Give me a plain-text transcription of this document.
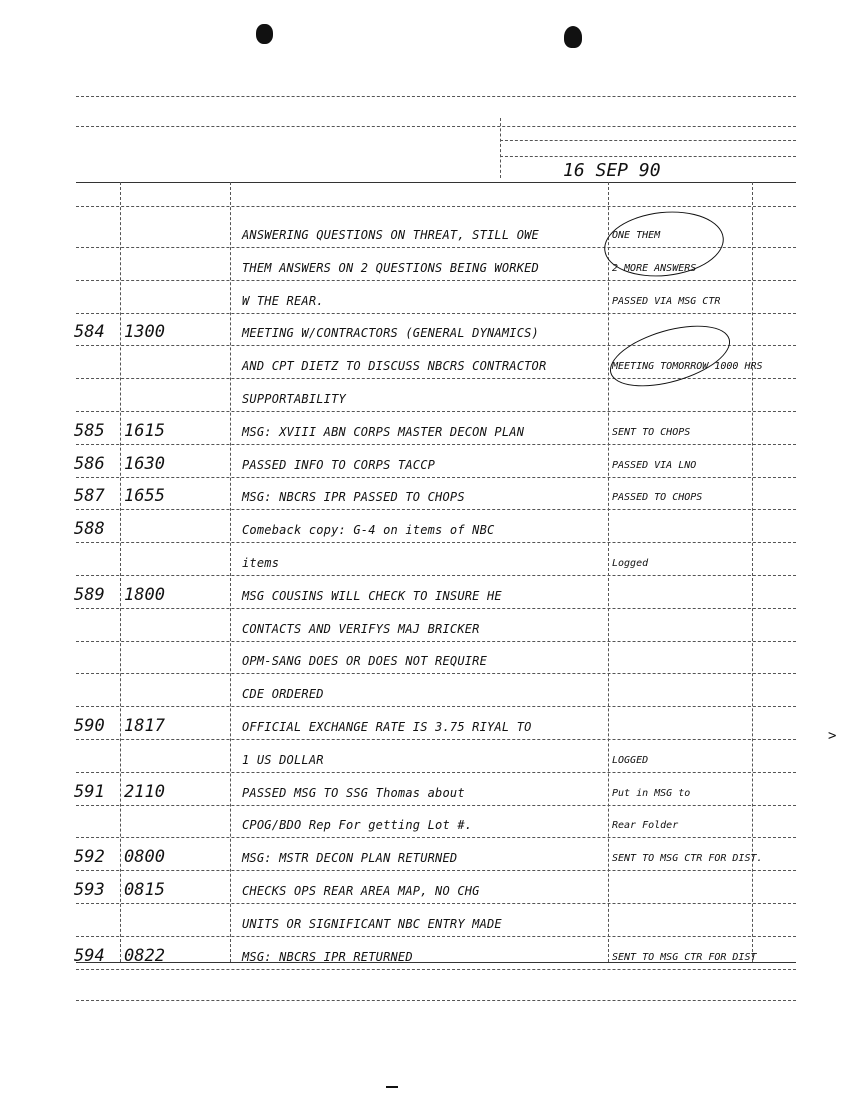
16 SEP 90
ANSWERING QUESTIONS ON THREAT, STILL OWE	ONE THEM
THEM ANSWERS ON 2 QUESTIONS BEING WORKED	2 MORE ANSWERS
W THE REAR.	PASSED VIA MSG CTR
584 1300	MEETING W/CONTRACTORS (GENERAL DYNAMICS)
AND CPT DIETZ TO DISCUSS NBCRS CONTRACTOR	MEETING TOMORROW 1000 HRS
SUPPORTABILITY
585 1615	MSG: XVIII ABN CORPS MASTER DECON PLAN	SENT TO CHOPS
586 1630	PASSED INFO TO CORPS TACCP	PASSED VIA LNO
587 1655	MSG: NBCRS IPR PASSED TO CHOPS	PASSED TO CHOPS
588	Comeback copy: G-4 on items of NBC
items	Logged
589 1800	MSG COUSINS WILL CHECK TO INSURE HE
CONTACTS AND VERIFYS MAJ BRICKER
OPM-SANG DOES OR DOES NOT REQUIRE
CDE ORDERED
590 1817	OFFICIAL EXCHANGE RATE IS 3.75 RIYAL TO
1 US DOLLAR	LOGGED
591 2110	PASSED MSG TO SSG Thomas about	Put in MSG to
CPOG/BDO Rep For getting Lot #.	Rear Folder
592 0800	MSG: MSTR DECON PLAN RETURNED	SENT TO MSG CTR FOR DIST.
593 0815	CHECKS OPS REAR AREA MAP, NO CHG
UNITS OR SIGNIFICANT NBC ENTRY MADE
594 0822	MSG: NBCRS IPR RETURNED	SENT TO MSG CTR FOR DIST
>
